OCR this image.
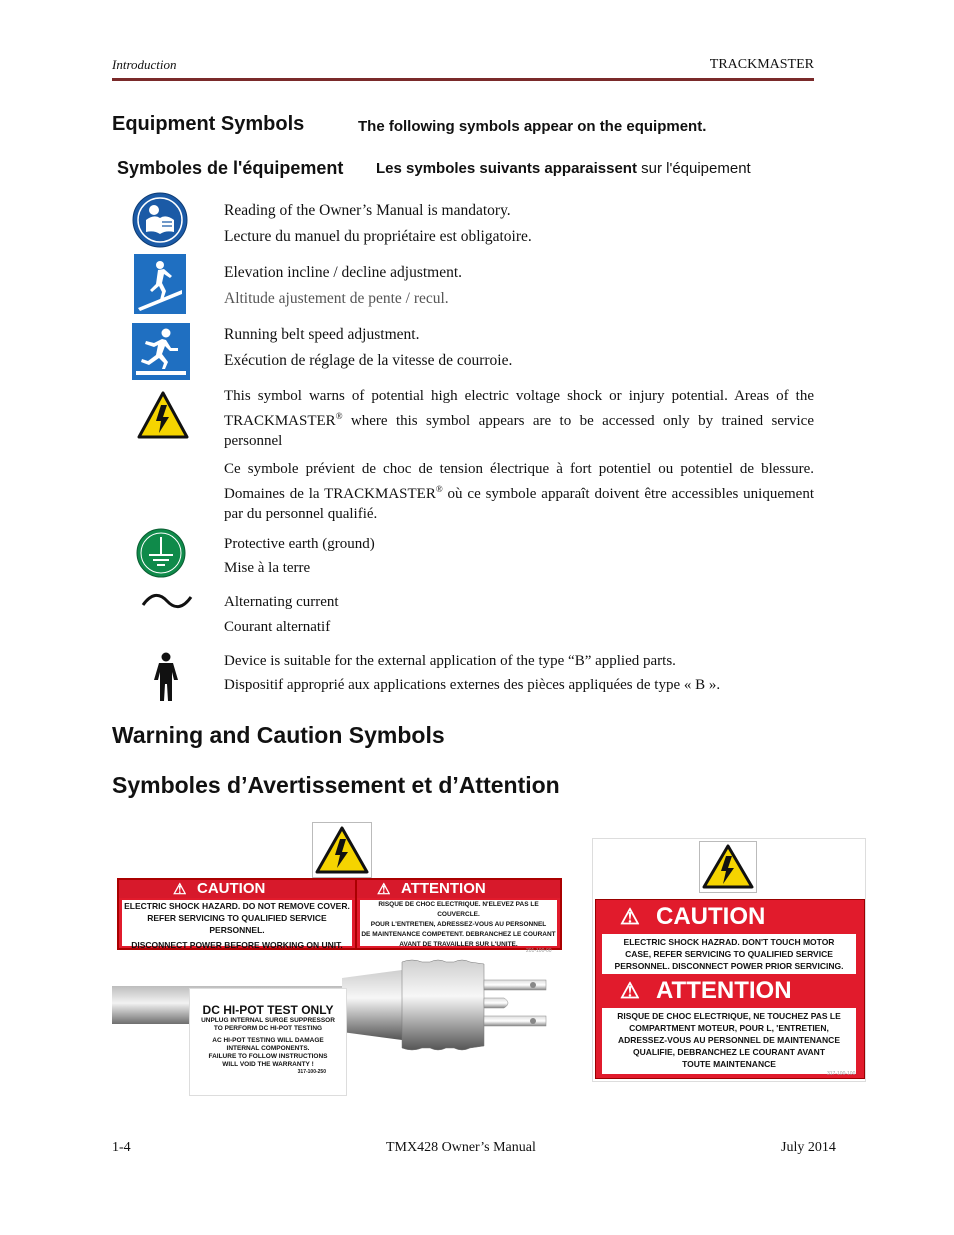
Introduction	TRACKMASTER
Equipment Symbols	The following symbols appear on the equipment.
Symboles de l'équipement Les symboles suivants apparaissent sur l'équipement
Reading of the Owner’s Manual is mandatory.
Lecture du manuel du propriétaire est obligatoire.
Elevation incline / decline adjustment.
Altitude ajustement de pente / recul.
Running belt speed adjustment.
Exécution de réglage de la vitesse de courroie.
This symbol warns of potential high electric voltage shock or injury potential. Areas of the TRACKMASTER® where this symbol appears are to be accessed only by trained service personnel
Ce symbole prévient de choc de tension électrique à fort potentiel ou potentiel de blessure. Domaines de la TRACKMASTER® où ce symbole apparaît doivent être accessibles uniquement par du personnel qualifié.
Protective earth (ground)
Mise à la terre
Alternating current
Courant alternatif
Device is suitable for the external application of the type “B” applied parts.
Dispositif approprié aux applications externes des pièces appliquées de type « B ».
Warning and Caution Symbols
Symboles d’Avertissement et d’Attention
⚠ CAUTION
ELECTRIC SHOCK HAZARD. DO NOT REMOVE COVER.
REFER SERVICING TO QUALIFIED SERVICE PERSONNEL.
DISCONNECT POWER BEFORE WORKING ON UNIT.
⚠ ATTENTION
RISQUE DE CHOC ELECTRIQUE. N'ELEVEZ PAS LE COUVERCLE.
POUR L'ENTRETIEN, ADRESSEZ-VOUS AU PERSONNEL
DE MAINTENANCE COMPETENT. DEBRANCHEZ LE COURANT
AVANT DE TRAVAILLER SUR L'UNITE.
201-100-00
DC HI-POT TEST ONLY
UNPLUG INTERNAL SURGE SUPPRESSOR
TO PERFORM DC HI-POT TESTING
AC HI-POT TESTING WILL DAMAGE
INTERNAL COMPONENTS.
FAILURE TO FOLLOW INSTRUCTIONS
WILL VOID THE WARRANTY !
317-100-250
⚠ CAUTION
ELECTRIC SHOCK HAZRAD. DON'T TOUCH MOTOR
CASE, REFER SERVICING TO QUALIFIED SERVICE
PERSONNEL. DISCONNECT POWER PRIOR SERVICING.
⚠ ATTENTION
RISQUE DE CHOC ELECTRIQUE, NE TOUCHEZ PAS LE
COMPARTMENT MOTEUR, POUR L, 'ENTRETIEN,
ADRESSEZ-VOUS AU PERSONNEL DE MAINTENANCE
QUALIFIE, DEBRANCHEZ LE COURANT AVANT
TOUTE MAINTENANCE
317-100-100
1-4	TMX428 Owner’s Manual	July 2014
